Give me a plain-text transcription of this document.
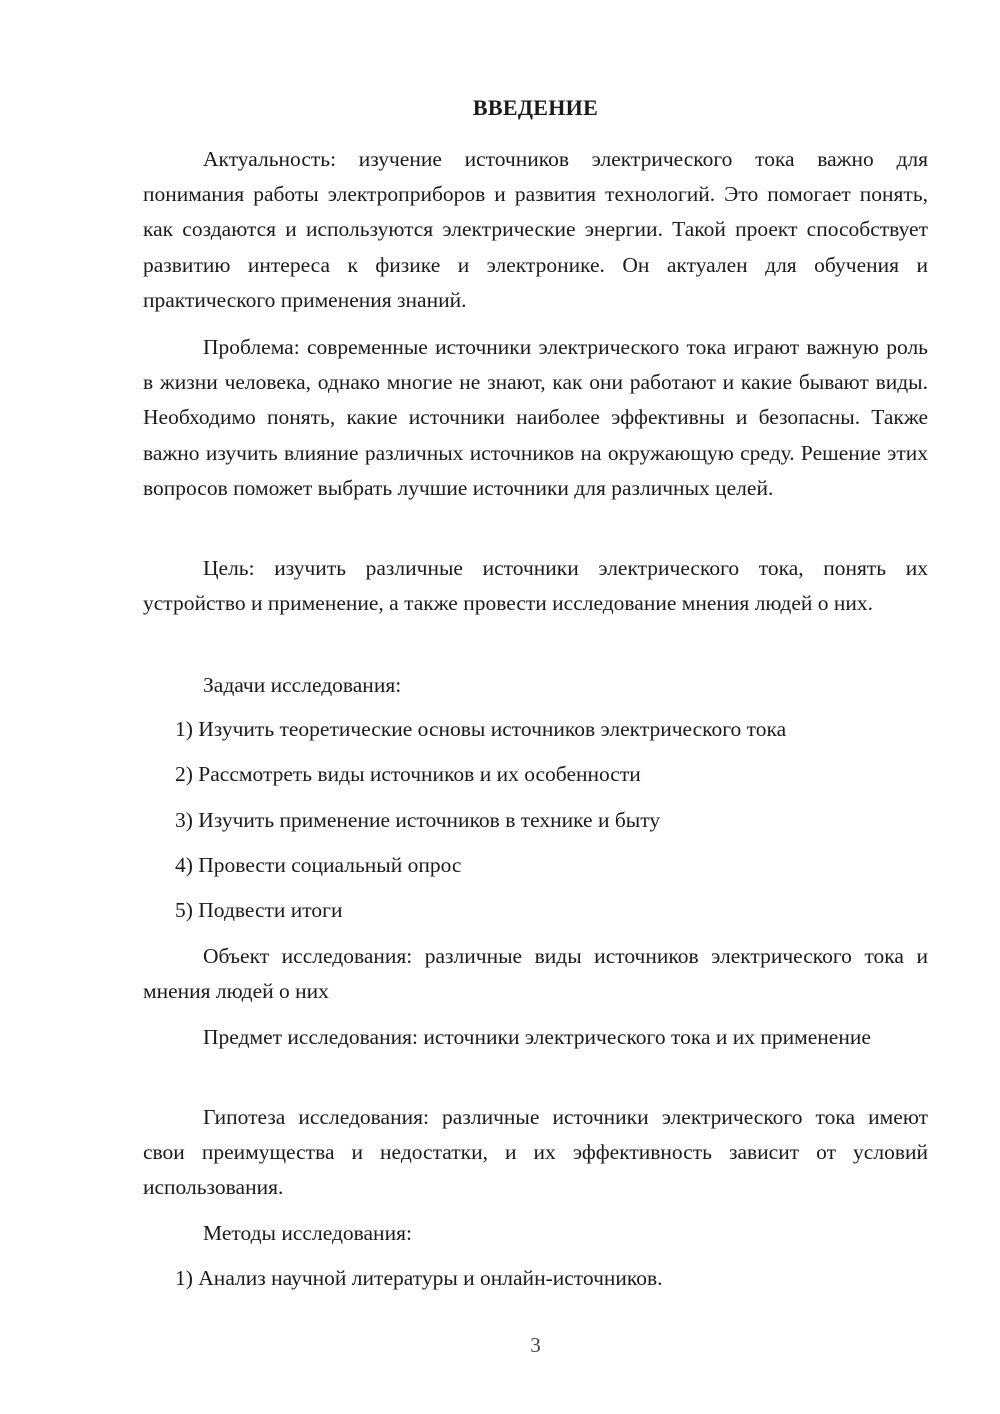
ВВЕДЕНИЕ

Актуальность: изучение источников электрического тока важно для понимания работы электроприборов и развития технологий. Это помогает понять, как создаются и используются электрические энергии. Такой проект способствует развитию интереса к физике и электронике. Он актуален для обучения и практического применения знаний.

Проблема: современные источники электрического тока играют важную роль в жизни человека, однако многие не знают, как они работают и какие бывают виды. Необходимо понять, какие источники наиболее эффективны и безопасны. Также важно изучить влияние различных источников на окружающую среду. Решение этих вопросов поможет выбрать лучшие источники для различных целей.

Цель: изучить различные источники электрического тока, понять их устройство и применение, а также провести исследование мнения людей о них.

Задачи исследования:

1) Изучить теоретические основы источников электрического тока

2) Рассмотреть виды источников и их особенности

3) Изучить применение источников в технике и быту

4) Провести социальный опрос

5) Подвести итоги

Объект исследования: различные виды источников электрического тока и мнения людей о них

Предмет исследования: источники электрического тока и их применение

Гипотеза исследования: различные источники электрического тока имеют свои преимущества и недостатки, и их эффективность зависит от условий использования.

Методы исследования:

1) Анализ научной литературы и онлайн-источников.

3
